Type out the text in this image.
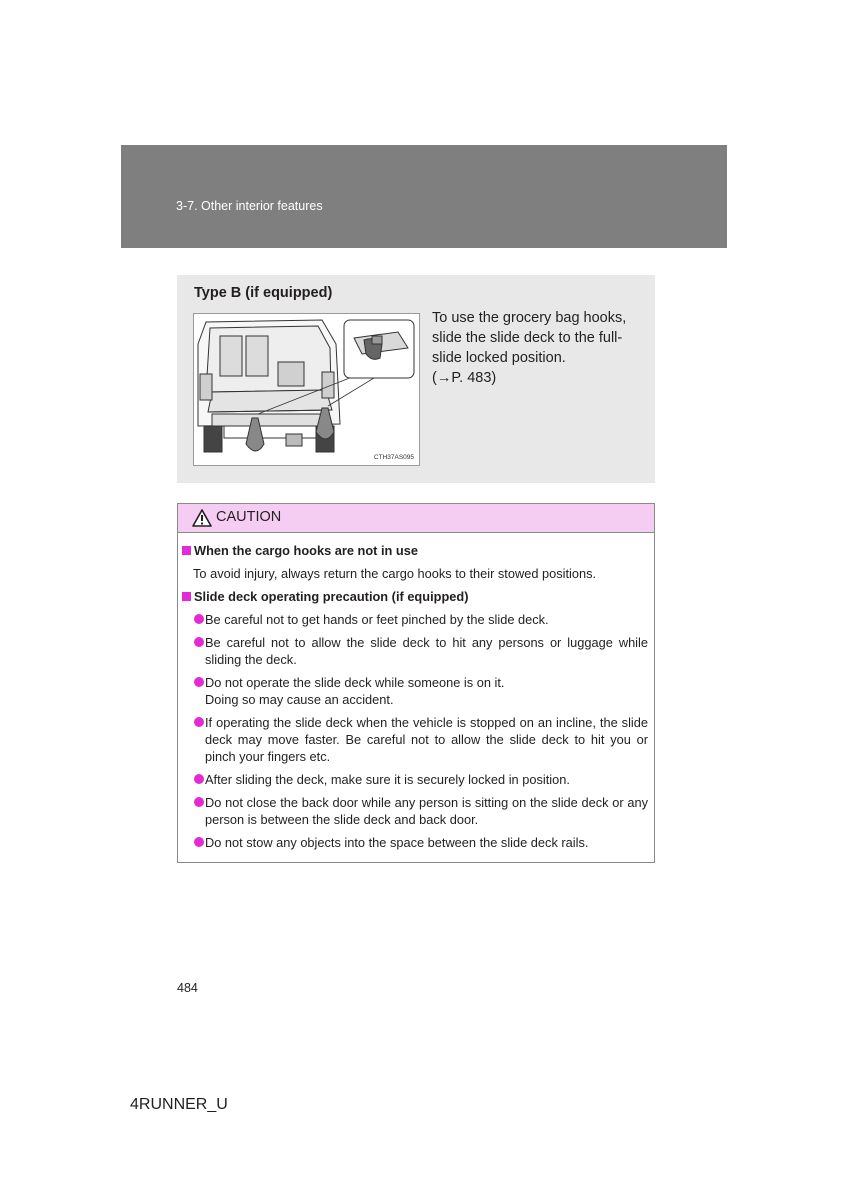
3-7. Other interior features
Type B (if equipped)
CTH37AS095

To use the grocery bag hooks,

slide the slide deck to the full-

slide locked position.

(→P. 483)

CAUTION

When the cargo hooks are not in use

To avoid injury, always return the cargo hooks to their stowed positions.

Slide deck operating precaution (if equipped)

Be careful not to get hands or feet pinched by the slide deck.

Be careful not to allow the slide deck to hit any persons or luggage while sliding the deck.

Do not operate the slide deck while someone is on it.
Doing so may cause an accident.

If operating the slide deck when the vehicle is stopped on an incline, the slide deck may move faster. Be careful not to allow the slide deck to hit you or pinch your fingers etc.

After sliding the deck, make sure it is securely locked in position.

Do not close the back door while any person is sitting on the slide deck or any person is between the slide deck and back door.

Do not stow any objects into the space between the slide deck rails.

484
4RUNNER_U
